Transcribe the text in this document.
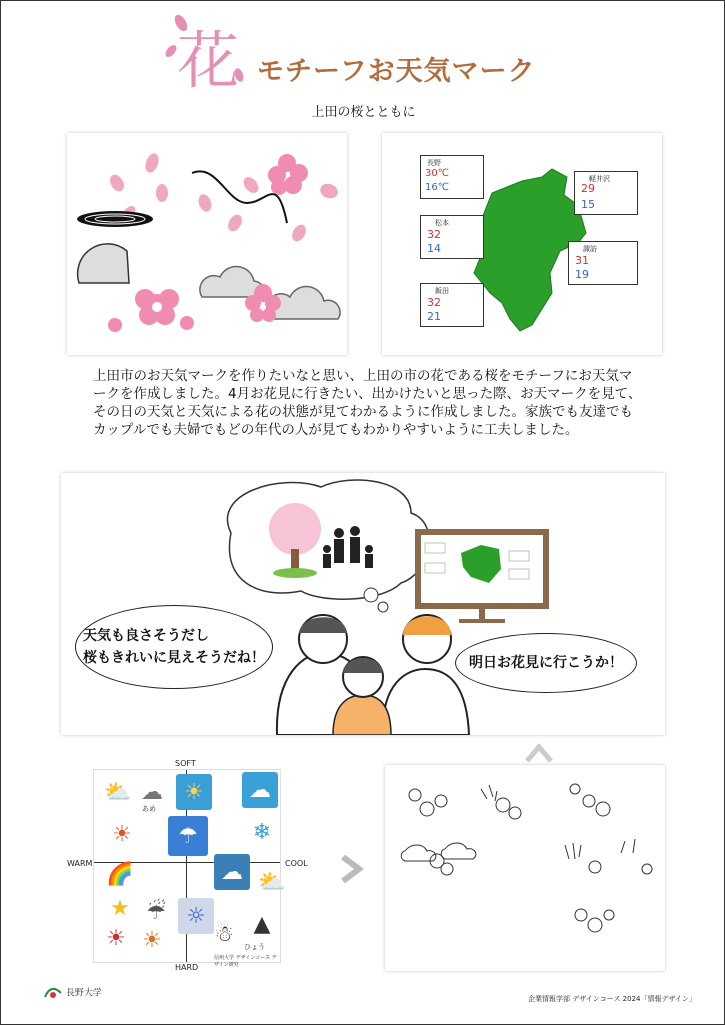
花 モチーフお天気マーク
上田の桜とともに
長野
30℃
16℃
軽井沢
29
15
松本
32
14	諏訪
31
19
飯田
32
21
上田市のお天気マークを作りたいなと思い、上田の市の花である桜をモチーフにお天気マークを作成しました。4月お花見に行きたい、出かけたいと思った際、お天マークを見て、その日の天気と天気による花の状態が見てわかるように作成しました。家族でも友達でもカップルでも夫婦でもどの年代の人が見てもわかりやすいように工夫しました。
天気も良さそうだし
桜もきれいに見えそうだね！	明日お花見に行こうか！
☀	☁
⛅ ☁
あめ
☂	❄
☀
🌈	☁ ⛅
★ ☔ ☼	▲
☀ ☀	☃
ひょう
信州大学 デザインコース デザイン研究
SOFT
HARD
WARM	COOL
長野大学
企業情報学部 デザインコース 2024「情報デザイン」
